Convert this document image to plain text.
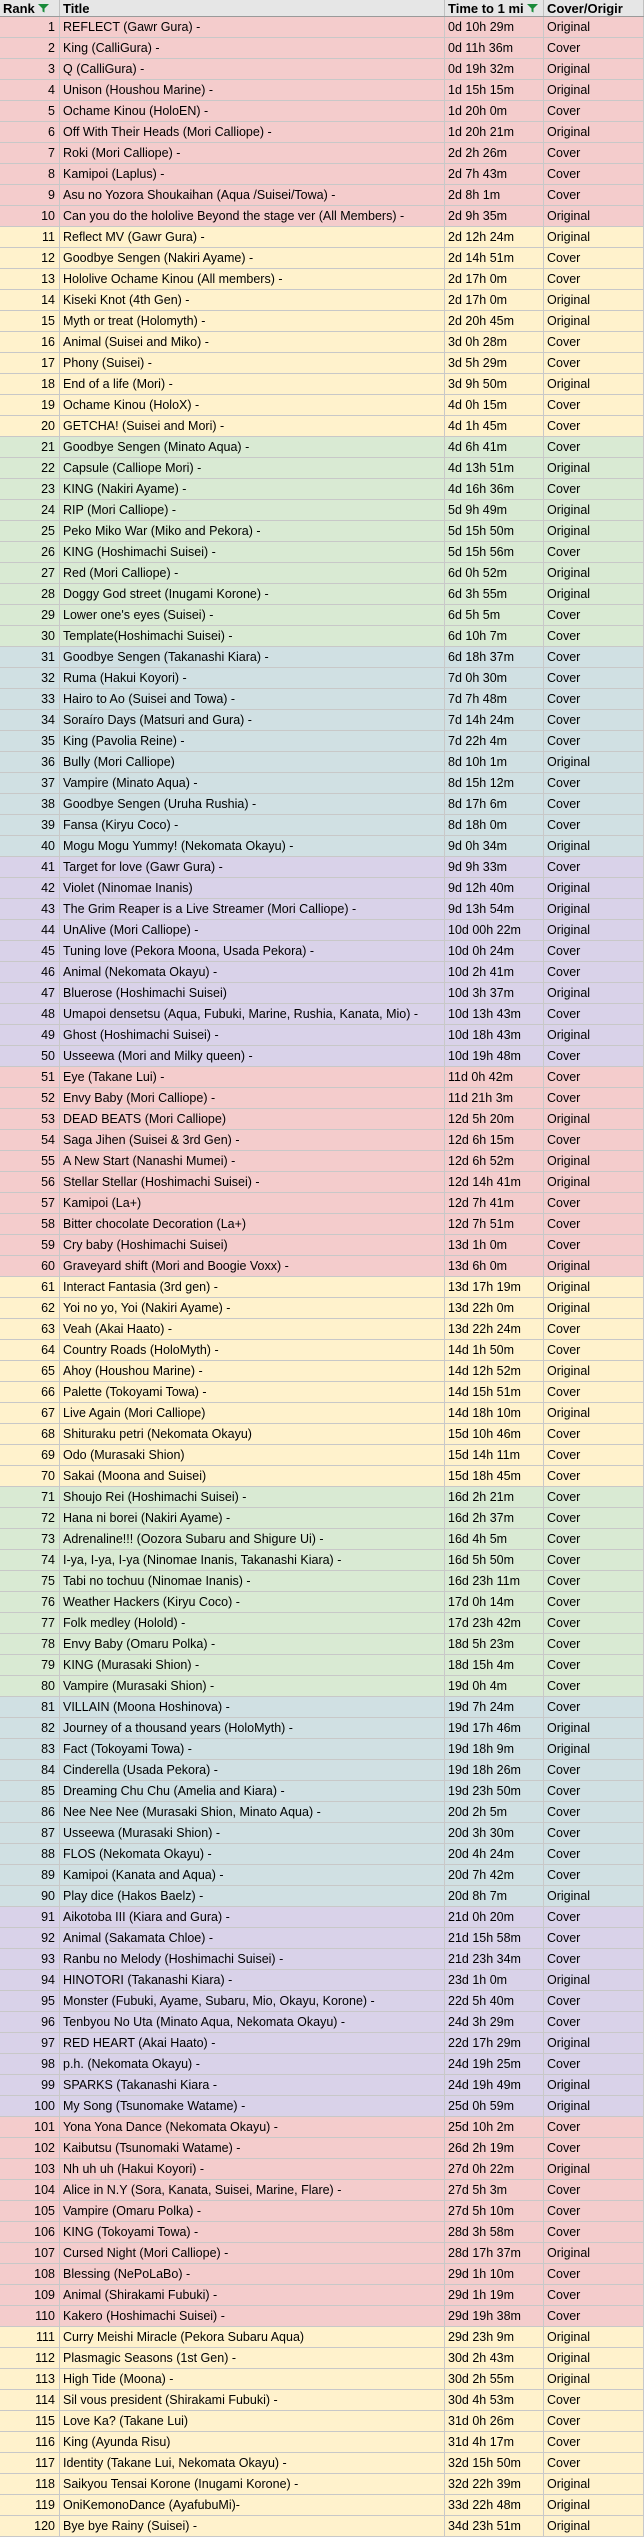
Rank Title	Time to 1 mi Cover/Origir
1 REFLECT (Gawr Gura) -	0d 10h 29m	Original
2 King (CalliGura) -	0d 11h 36m	Cover
3 Q (CalliGura) -	0d 19h 32m	Original
4 Unison (Houshou Marine) -	1d 15h 15m	Original
5 Ochame Kinou (HoloEN) -	1d 20h 0m	Cover
6 Off With Their Heads (Mori Calliope) -	1d 20h 21m	Original
7 Roki (Mori Calliope) -	2d 2h 26m	Cover
8 Kamipoi (Laplus) -	2d 7h 43m	Cover
9 Asu no Yozora Shoukaihan (Aqua /Suisei/Towa) -	2d 8h 1m	Cover
10 Can you do the hololive Beyond the stage ver (All Members) -	2d 9h 35m	Original
11 Reflect MV (Gawr Gura) -	2d 12h 24m	Original
12 Goodbye Sengen (Nakiri Ayame) -	2d 14h 51m	Cover
13 Hololive Ochame Kinou (All members) -	2d 17h 0m	Cover
14 Kiseki Knot (4th Gen) -	2d 17h 0m	Original
15 Myth or treat (Holomyth) -	2d 20h 45m	Original
16 Animal (Suisei and Miko) -	3d 0h 28m	Cover
17 Phony (Suisei) -	3d 5h 29m	Cover
18 End of a life (Mori) -	3d 9h 50m	Original
19 Ochame Kinou (HoloX) -	4d 0h 15m	Cover
20 GETCHA! (Suisei and Mori) -	4d 1h 45m	Cover
21 Goodbye Sengen (Minato Aqua) -	4d 6h 41m	Cover
22 Capsule (Calliope Mori) -	4d 13h 51m	Original
23 KING (Nakiri Ayame) -	4d 16h 36m	Cover
24 RIP (Mori Calliope) -	5d 9h 49m	Original
25 Peko Miko War (Miko and Pekora) -	5d 15h 50m	Original
26 KING (Hoshimachi Suisei) -	5d 15h 56m	Cover
27 Red (Mori Calliope) -	6d 0h 52m	Original
28 Doggy God street (Inugami Korone) -	6d 3h 55m	Original
29 Lower one's eyes (Suisei) -	6d 5h 5m	Cover
30 Template(Hoshimachi Suisei) -	6d 10h 7m	Cover
31 Goodbye Sengen (Takanashi Kiara) -	6d 18h 37m	Cover
32 Ruma (Hakui Koyori) -	7d 0h 30m	Cover
33 Hairo to Ao (Suisei and Towa) -	7d 7h 48m	Cover
34 Soraíro Days (Matsuri and Gura) -	7d 14h 24m	Cover
35 King (Pavolia Reine) -	7d 22h 4m	Cover
36 Bully (Mori Calliope)	8d 10h 1m	Original
37 Vampire (Minato Aqua) -	8d 15h 12m	Cover
38 Goodbye Sengen (Uruha Rushia) -	8d 17h 6m	Cover
39 Fansa (Kiryu Coco) -	8d 18h 0m	Cover
40 Mogu Mogu Yummy! (Nekomata Okayu) -	9d 0h 34m	Original
41 Target for love (Gawr Gura) -	9d 9h 33m	Cover
42 Violet (Ninomae Inanis)	9d 12h 40m	Original
43 The Grim Reaper is a Live Streamer (Mori Calliope) -	9d 13h 54m	Original
44 UnAlive (Mori Calliope) -	10d 00h 22m	Original
45 Tuning love (Pekora Moona, Usada Pekora) -	10d 0h 24m	Cover
46 Animal (Nekomata Okayu) -	10d 2h 41m	Cover
47 Bluerose (Hoshimachi Suisei)	10d 3h 37m	Original
48 Umapoi densetsu (Aqua, Fubuki, Marine, Rushia, Kanata, Mio) -	10d 13h 43m	Cover
49 Ghost (Hoshimachi Suisei) -	10d 18h 43m	Original
50 Usseewa (Mori and Milky queen) -	10d 19h 48m	Cover
51 Eye (Takane Lui) -	11d 0h 42m	Cover
52 Envy Baby (Mori Calliope) -	11d 21h 3m	Cover
53 DEAD BEATS (Mori Calliope)	12d 5h 20m	Original
54 Saga Jihen (Suisei & 3rd Gen) -	12d 6h 15m	Cover
55 A New Start (Nanashi Mumei) -	12d 6h 52m	Original
56 Stellar Stellar (Hoshimachi Suisei) -	12d 14h 41m	Original
57 Kamipoi (La+)	12d 7h 41m	Cover
58 Bitter chocolate Decoration (La+)	12d 7h 51m	Cover
59 Cry baby (Hoshimachi Suisei)	13d 1h 0m	Cover
60 Graveyard shift (Mori and Boogie Voxx) -	13d 6h 0m	Original
61 Interact Fantasia (3rd gen) -	13d 17h 19m	Original
62 Yoi no yo, Yoi (Nakiri Ayame) -	13d 22h 0m	Original
63 Veah (Akai Haato) -	13d 22h 24m	Cover
64 Country Roads (HoloMyth) -	14d 1h 50m	Cover
65 Ahoy (Houshou Marine) -	14d 12h 52m	Original
66 Palette (Tokoyami Towa) -	14d 15h 51m	Cover
67 Live Again (Mori Calliope)	14d 18h 10m	Original
68 Shiturаku petri (Nekomata Okayu)	15d 10h 46m	Cover
69 Odo (Murasaki Shion)	15d 14h 11m	Cover
70 Sakai (Moona and Suisei)	15d 18h 45m	Cover
71 Shoujo Rei (Hoshimachi Suisei) -	16d 2h 21m	Cover
72 Hana ni borei (Nakiri Ayame) -	16d 2h 37m	Cover
73 Adrenaline!!! (Oozora Subaru and Shigure Ui) -	16d 4h 5m	Cover
74 I-ya, I-ya, I-ya (Ninomae Inanis, Takanashi Kiara) -	16d 5h 50m	Cover
75 Tabi no tochuu (Ninomae Inanis) -	16d 23h 11m	Cover
76 Weather Hackers (Kiryu Coco) -	17d 0h 14m	Cover
77 Folk medley (Holold) -	17d 23h 42m	Cover
78 Envy Baby (Omaru Polka) -	18d 5h 23m	Cover
79 KING (Murasaki Shion) -	18d 15h 4m	Cover
80 Vampire (Murasaki Shion) -	19d 0h 4m	Cover
81 VILLAIN (Moona Hoshinova) -	19d 7h 24m	Cover
82 Journey of a thousand years (HoloMyth) -	19d 17h 46m	Original
83 Fact (Tokoyami Towa) -	19d 18h 9m	Original
84 Cinderella (Usada Pekora) -	19d 18h 26m	Cover
85 Dreaming Chu Chu (Amelia and Kiara) -	19d 23h 50m	Cover
86 Nee Nee Nee (Murasaki Shion, Minato Aqua) -	20d 2h 5m	Cover
87 Usseewa (Murasaki Shion) -	20d 3h 30m	Cover
88 FLOS (Nekomata Okayu) -	20d 4h 24m	Cover
89 Kamipoi (Kanata and Aqua) -	20d 7h 42m	Cover
90 Play dice (Hakos Baelz) -	20d 8h 7m	Original
91 Aikotoba III (Kiara and Gura) -	21d 0h 20m	Cover
92 Animal (Sakamata Chloe) -	21d 15h 58m	Cover
93 Ranbu no Melody (Hoshimachi Suisei) -	21d 23h 34m	Cover
94 HINOTORI (Takanashi Kiara) -	23d 1h 0m	Original
95 Monster (Fubuki, Ayame, Subaru, Mio, Okayu, Korone) -	22d 5h 40m	Cover
96 Tenbyou No Uta (Minato Aqua, Nekomata Okayu) -	24d 3h 29m	Cover
97 RED HEART (Akai Haato) -	22d 17h 29m	Original
98 p.h. (Nekomata Okayu) -	24d 19h 25m	Cover
99 SPARKS (Takanashi Kiara -	24d 19h 49m	Original
100 My Song (Tsunomake Watame) -	25d 0h 59m	Original
101 Yona Yona Dance (Nekomata Okayu) -	25d 10h 2m	Cover
102 Kaibutsu (Tsunomaki Watame) -	26d 2h 19m	Cover
103 Nh uh uh (Hakui Koyori) -	27d 0h 22m	Original
104 Alice in N.Y (Sora, Kanata, Suisei, Marine, Flare) -	27d 5h 3m	Cover
105 Vampire (Omaru Polka) -	27d 5h 10m	Cover
106 KING (Tokoyami Towa) -	28d 3h 58m	Cover
107 Cursed Night (Mori Calliope) -	28d 17h 37m	Original
108 Blessing (NePoLaBo) -	29d 1h 10m	Cover
109 Animal (Shirakami Fubuki) -	29d 1h 19m	Cover
110 Kakero (Hoshimachi Suisei) -	29d 19h 38m	Cover
111 Curry Meishi Miracle (Pekora Subaru Aqua)	29d 23h 9m	Original
112 Plasmagic Seasons (1st Gen) -	30d 2h 43m	Original
113 High Tide (Moona) -	30d 2h 55m	Original
114 Sil vous president (Shirakami Fubuki) -	30d 4h 53m	Cover
115 Love Ka? (Takane Lui)	31d 0h 26m	Cover
116 King (Ayunda Risu)	31d 4h 17m	Cover
117 Identity (Takane Lui, Nekomata Okayu) -	32d 15h 50m	Cover
118 Saikyou Tensai Korone (Inugami Korone) -	32d 22h 39m	Original
119 OniKemonoDance (AyafubuMi)-	33d 22h 48m	Original
120 Bye bye Rainy (Suisei) -	34d 23h 51m	Original
